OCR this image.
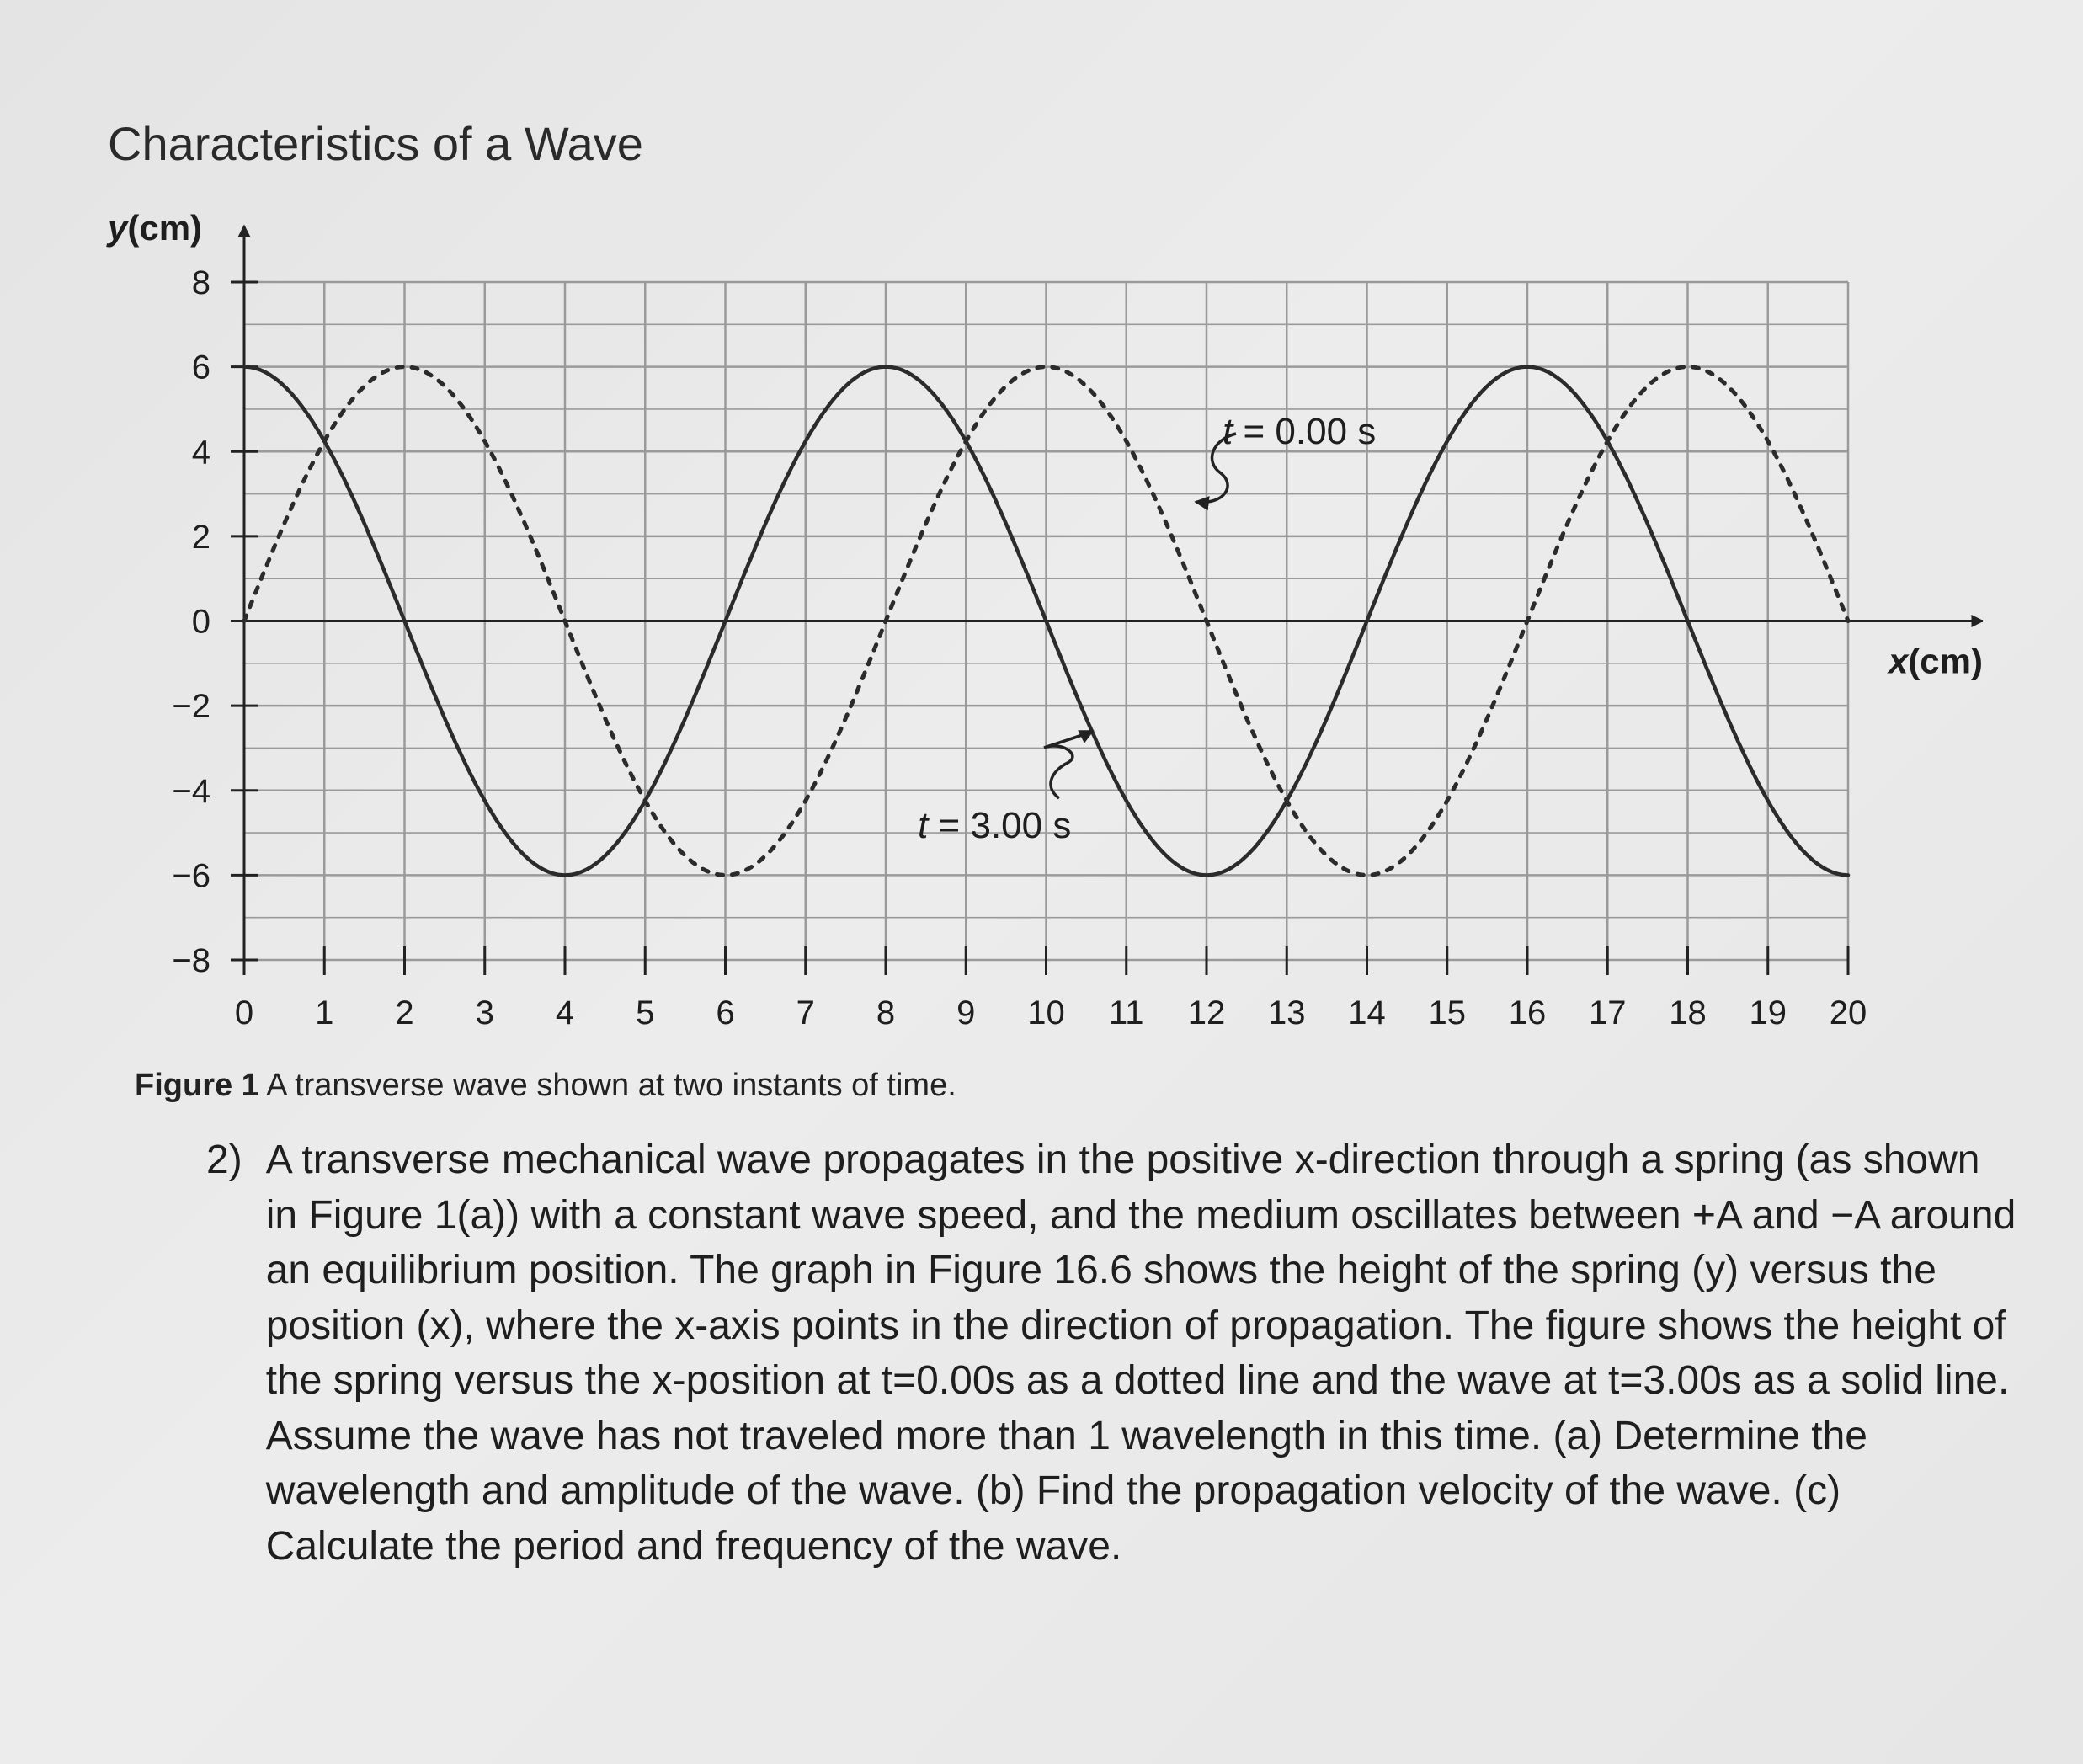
Characteristics of a Wave
8
6
4
2
0
−2
−4
−6
−8
0 1 2 3 4 5 6 7 8 9 10 11 12 13 14 15 16 17 18 19 20
y(cm)
x(cm)
t = 0.00 s
t = 3.00 s

Figure 1 A transverse wave shown at two instants of time.

2) A transverse mechanical wave propagates in the positive x-direction through a spring (as shown in Figure 1(a)) with a constant wave speed, and the medium oscillates between +A and −A around an equilibrium position. The graph in Figure 16.6 shows the height of the spring (y) versus the position (x), where the x-axis points in the direction of propagation. The figure shows the height of the spring versus the x-position at t=0.00s as a dotted line and the wave at t=3.00s as a solid line. Assume the wave has not traveled more than 1 wavelength in this time. (a) Determine the wavelength and amplitude of the wave. (b) Find the propagation velocity of the wave. (c) Calculate the period and frequency of the wave.
